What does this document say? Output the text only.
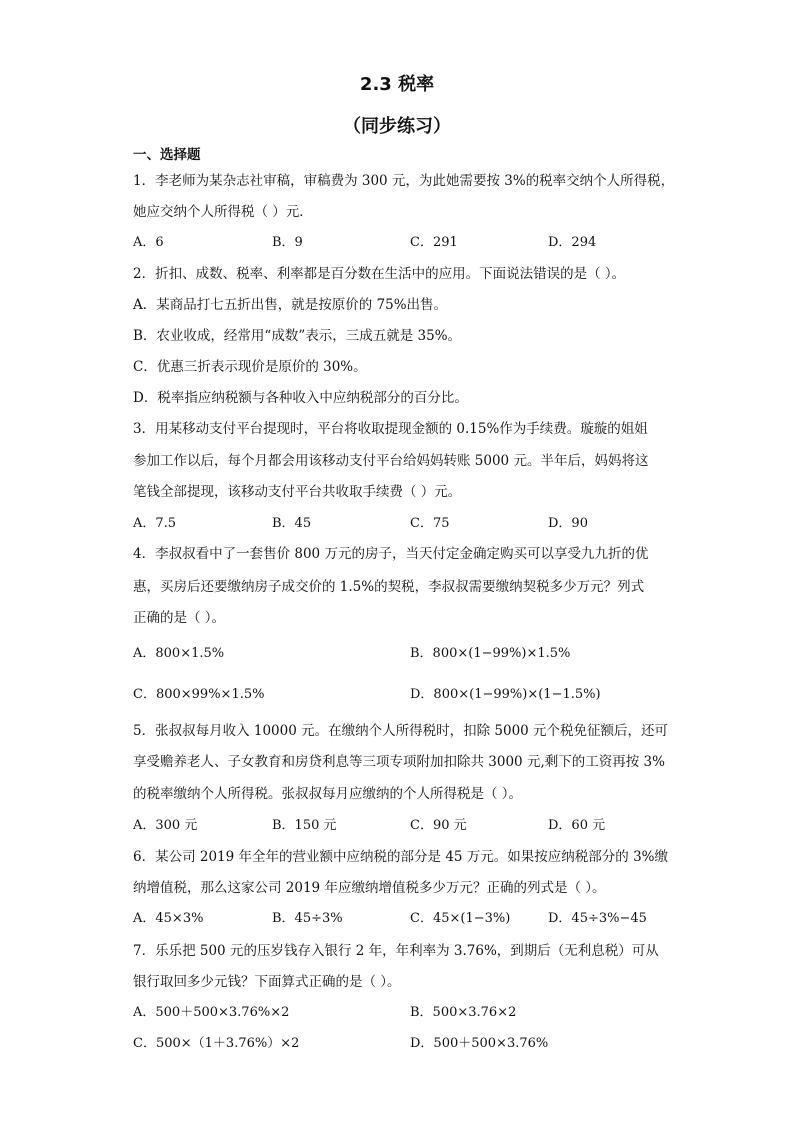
2.3 税率
（同步练习）
一、选择题
1．李老师为某杂志社审稿，审稿费为 300 元，为此她需要按 3%的税率交纳个人所得税，
她应交纳个人所得税（ ）元．
A．6	B．9	C．291	D．294
2．折扣、成数、税率、利率都是百分数在生活中的应用。下面说法错误的是（ ）。
A．某商品打七五折出售，就是按原价的 75%出售。
B．农业收成，经常用“成数”表示，三成五就是 35%。
C．优惠三折表示现价是原价的 30%。
D．税率指应纳税额与各种收入中应纳税部分的百分比。
3．用某移动支付平台提现时，平台将收取提现金额的 0.15%作为手续费。璇璇的姐姐
参加工作以后，每个月都会用该移动支付平台给妈妈转账 5000 元。半年后，妈妈将这
笔钱全部提现，该移动支付平台共收取手续费（ ）元。
A．7.5	B．45	C．75	D．90
4．李叔叔看中了一套售价 800 万元的房子，当天付定金确定购买可以享受九九折的优
惠，买房后还要缴纳房子成交价的 1.5%的契税，李叔叔需要缴纳契税多少万元？列式
正确的是（ ）。
A．800×1.5%	B．800×(1−99%)×1.5%
C．800×99%×1.5%	D．800×(1−99%)×(1−1.5%)
5．张叔叔每月收入 10000 元。在缴纳个人所得税时，扣除 5000 元个税免征额后，还可
享受赡养老人、子女教育和房贷利息等三项专项附加扣除共 3000 元,剩下的工资再按 3%
的税率缴纳个人所得税。张叔叔每月应缴纳的个人所得税是（ ）。
A．300 元	B．150 元	C．90 元	D．60 元
6．某公司 2019 年全年的营业额中应纳税的部分是 45 万元。如果按应纳税部分的 3%缴
纳增值税，那么这家公司 2019 年应缴纳增值税多少万元？正确的列式是（ ）。
A．45×3%	B．45÷3%	C．45×(1−3%)	D．45÷3%−45
7．乐乐把 500 元的压岁钱存入银行 2 年，年利率为 3.76%，到期后（无利息税）可从
银行取回多少元钱？下面算式正确的是（ ）。
A．500＋500×3.76%×2	B．500×3.76×2
C．500×（1＋3.76%）×2	D．500＋500×3.76%
